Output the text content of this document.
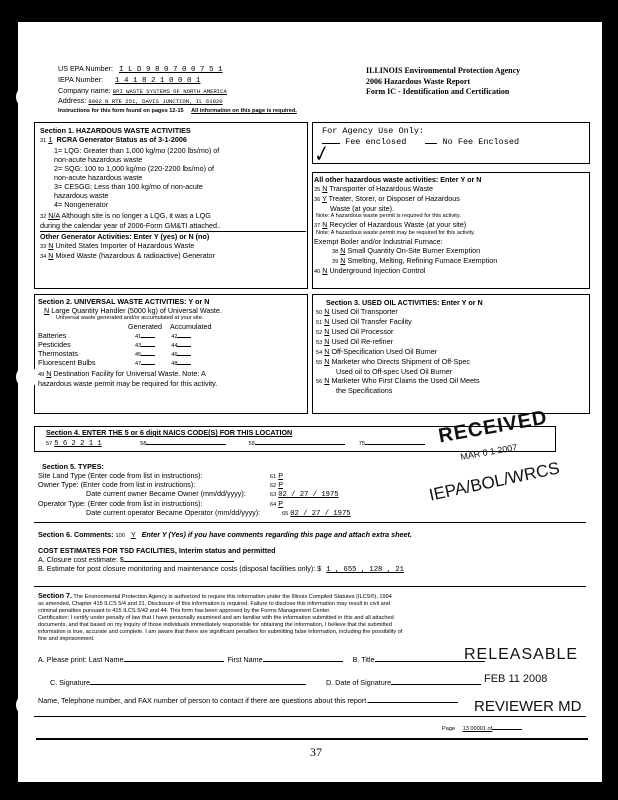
US EPA Number: I L D 9 8 0 7 0 0 7 5 1
IEPA Number: 1 4 1 8 2 1 0 0 0 1
Company name: BPI WASTE SYSTEMS OF NORTH AMERICA
Address: 8902 N RTE 251, DAVIS JUNCTION, IL 61020
ILLINOIS Environmental Protection Agency
2006 Hazardous Waste Report
Form IC - Identification and Certification
Instructions for this form found on pages 12-15 All information on this page is required.
Section 1. HAZARDOUS WASTE ACTIVITIES
31 1 RCRA Generator Status as of 3-1-2006
1= LQG: Greater than 1,000 kg/mo (2200 lbs/mo) of
non-acute hazardous waste
2= SQG: 100 to 1,000 kg/mo (220-2200 lbs/mo) of
non-acute hazardous waste
3= CESGG: Less than 100 kg/mo of non-acute
hazardous waste
4= Nongenerator
32 N/A Although site is no longer a LQG, it was a LQG
during the calendar year of 2006-Form GM&TI attached..
Other Generator Activities: Enter Y (yes) or N (no)
33 N United States Importer of Hazardous Waste
34 N Mixed Waste (hazardous & radioactive) Generator
For Agency Use Only:
Fee enclosed	No Fee Enclosed
✓
All other hazardous waste activities: Enter Y or N
35 N Transporter of Hazardous Waste
36 Y Treater, Storer, or Disposer of Hazardous
Waste (at your site).
Note: A hazardous waste permit is required for this activity.
37 N Recycler of Hazardous Waste (at your site)
Note: A hazardous waste permit may be required for this activity.
Exempt Boiler and/or Industrial Furnace:
38 N Small Quantity On-Site Burner Exemption
39 N Smelting, Melting, Refining Furnace Exemption
40 N Underground Injection Control
Section 2. UNIVERSAL WASTE ACTIVITIES: Y or N
N Large Quantity Handler (5000 kg) of Universal Waste.
Universal waste generated and/or accumulated at your site.
Generated Accumulated
Batteries	41	42
Pesticides	43	44
Thermostats	45	46
Fluorescent Bulbs	47	48
49 N Destination Facility for Universal Waste. Note: A
hazardous waste permit may be required for this activity.
Section 3. USED OIL ACTIVITIES: Enter Y or N
50 N Used Oil Transporter
51 N Used Oil Transfer Facility
52 N Used Oil Processor
53 N Used Oil Re-refiner
54 N Off-Specification Used Oil Burner
55 N Marketer who Directs Shipment of Off-Spec
Used oil to Off-spec Used Oil Burner
56 N Marketer Who First Claims the Used Oil Meets
the Specifications
Section 4. ENTER THE 5 or 6 digit NAICS CODE(S) FOR THIS LOCATION
57 5 6 2 2 1 1	58	59	75	RECEIVED
MAR 0 1 2007
IEPA/BOL/WRCS
Section 5. TYPES:
Site Land Type (Enter code from list in instructions):	61 P
Owner Type: (Enter code from list in instructions):	62 P
Date current owner Became Owner (mm/dd/yyyy):	63 02 / 27 / 1975
Operator Type: (Enter code from list in instructions):	64 P
Date current operator Became Operator (mm/dd/yyyy):	65 02 / 27 / 1975
Section 6. Comments: 100 Y Enter Y (Yes) if you have comments regarding this page and attach extra sheet.
COST ESTIMATES FOR TSD FACILITIES, Interim status and permitted
A. Closure cost estimate: $
B. Estimate for post closure monitoring and maintenance costs (disposal facilities only): $ 1 , 655 , 128 , 21
Section 7. The Environmental Protection Agency is authorized to require this information under the Illinois Compiled Statutes (ILCS®), 1994
as amended, Chapter 415 ILCS 5/4 and 21. Disclosure of this information is required. Failure to disclose this information may result in civil and
criminal penalties pursuant to 415 ILCS 5/42 and 44. This form has been approved by the Forms Management Center.
Certification: I certify under penalty of law that I have personally examined and am familiar with the information submitted in this and all attached
documents, and that based on my inquiry of those individuals immediately responsible for obtaining the information, I believe that the submitted
information is true, accurate and complete. I am aware that there are significant penalties for submitting false information, including the possibility of
fine and imprisonment.
A. Please print: Last Name	First Name	B. Title	RELEASABLE
C. Signature	D. Date of Signature	FEB 11 2008
Name, Telephone number, and FAX number of person to contact if there are questions about this report.	REVIEWER MD
Page 13 00001 of
37
